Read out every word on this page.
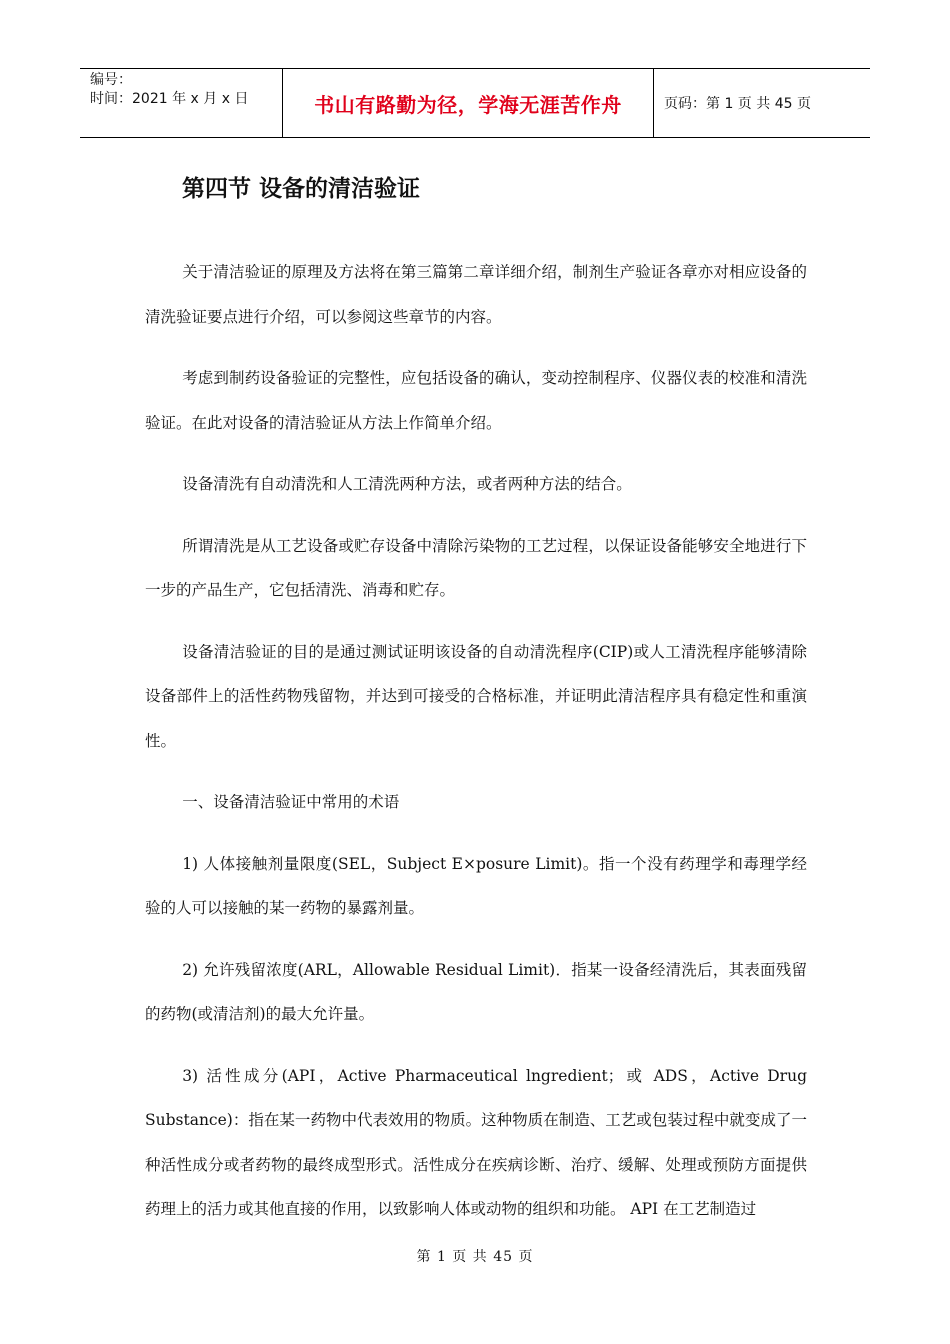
编号：
时间：2021 年 x 月 x 日	书山有路勤为径，学海无涯苦作舟	页码：第 1 页 共 45 页
第四节 设备的清洁验证

关于清洁验证的原理及方法将在第三篇第二章详细介绍，制剂生产验证各章亦对相应设备的清洗验证要点进行介绍，可以参阅这些章节的内容。

考虑到制药设备验证的完整性，应包括设备的确认，变动控制程序、仪器仪表的校准和清洗验证。在此对设备的清洁验证从方法上作简单介绍。

设备清洗有自动清洗和人工清洗两种方法，或者两种方法的结合。

所谓清洗是从工艺设备或贮存设备中清除污染物的工艺过程，以保证设备能够安全地进行下一步的产品生产，它包括清洗、消毒和贮存。

设备清洁验证的目的是通过测试证明该设备的自动清洗程序(CIP)或人工清洗程序能够清除设备部件上的活性药物残留物，并达到可接受的合格标准，并证明此清洁程序具有稳定性和重演性。

一、设备清洁验证中常用的术语

1) 人体接触剂量限度(SEL，Subject E×posure Limit)。指一个没有药理学和毒理学经验的人可以接触的某一药物的暴露剂量。

2) 允许残留浓度(ARL，Allowable Residual Limit)．指某一设备经清洗后，其表面残留的药物(或清洁剂)的最大允许量。

3) 活性成分(API，Active Pharmaceutical lngredient；或 ADS，Active Drug Substance)：指在某一药物中代表效用的物质。这种物质在制造、工艺或包装过程中就变成了一种活性成分或者药物的最终成型形式。活性成分在疾病诊断、治疗、缓解、处理或预防方面提供药理上的活力或其他直接的作用，以致影响人体或动物的组织和功能。 API 在工艺制造过

第 1 页 共 45 页
